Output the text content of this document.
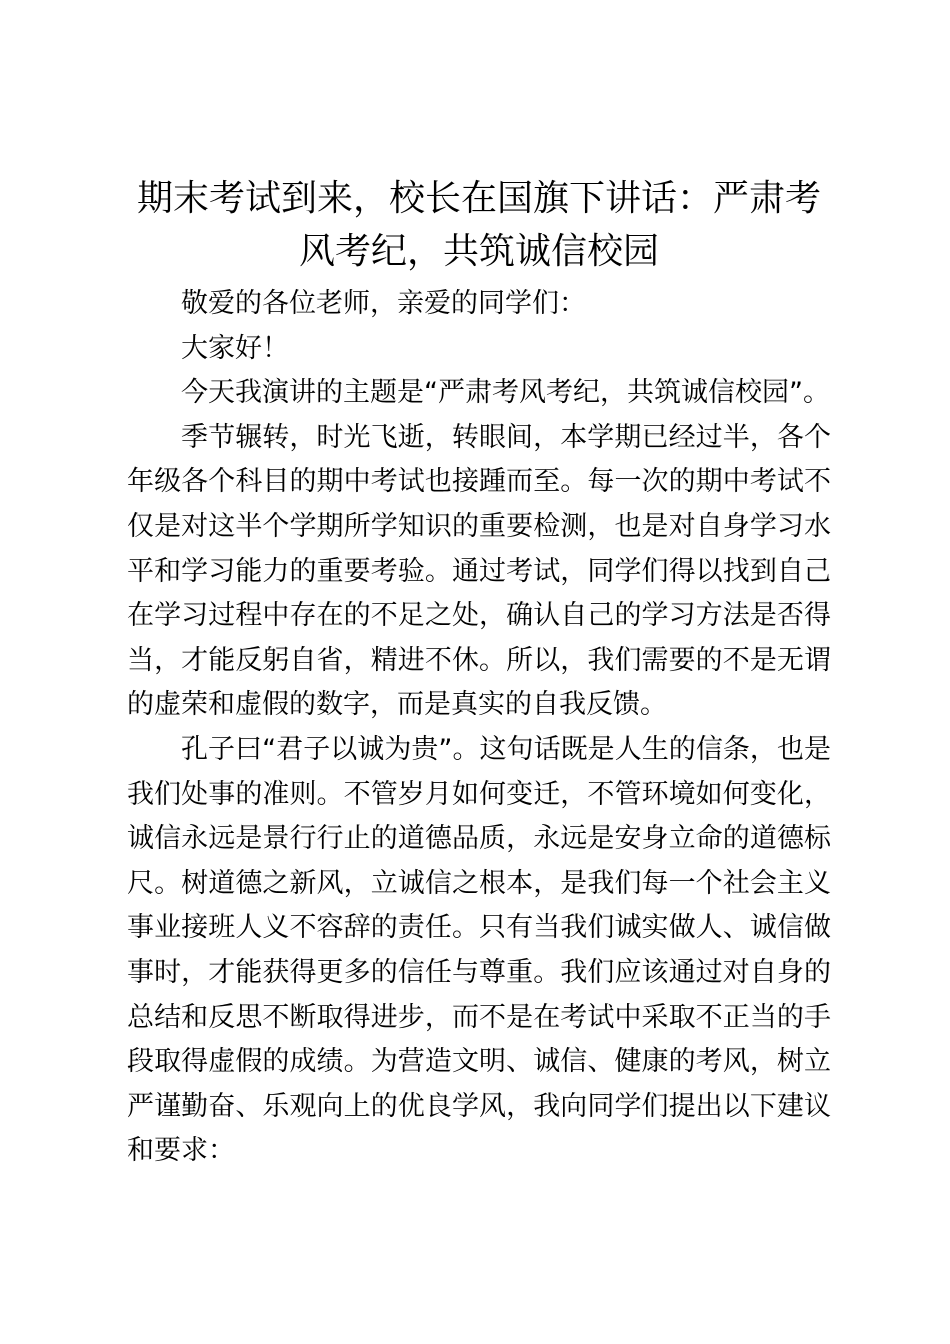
期末考试到来，校长在国旗下讲话：严肃考风考纪，共筑诚信校园

敬爱的各位老师，亲爱的同学们：

大家好！

今天我演讲的主题是“严肃考风考纪，共筑诚信校园”。

季节辗转，时光飞逝，转眼间，本学期已经过半，各个年级各个科目的期中考试也接踵而至。每一次的期中考试不仅是对这半个学期所学知识的重要检测，也是对自身学习水平和学习能力的重要考验。通过考试，同学们得以找到自己在学习过程中存在的不足之处，确认自己的学习方法是否得当，才能反躬自省，精进不休。所以，我们需要的不是无谓的虚荣和虚假的数字，而是真实的自我反馈。

孔子曰“君子以诚为贵”。这句话既是人生的信条，也是我们处事的准则。不管岁月如何变迁，不管环境如何变化，诚信永远是景行行止的道德品质，永远是安身立命的道德标尺。树道德之新风，立诚信之根本，是我们每一个社会主义事业接班人义不容辞的责任。只有当我们诚实做人、诚信做事时，才能获得更多的信任与尊重。我们应该通过对自身的总结和反思不断取得进步，而不是在考试中采取不正当的手段取得虚假的成绩。为营造文明、诚信、健康的考风，树立严谨勤奋、乐观向上的优良学风，我向同学们提出以下建议和要求：
